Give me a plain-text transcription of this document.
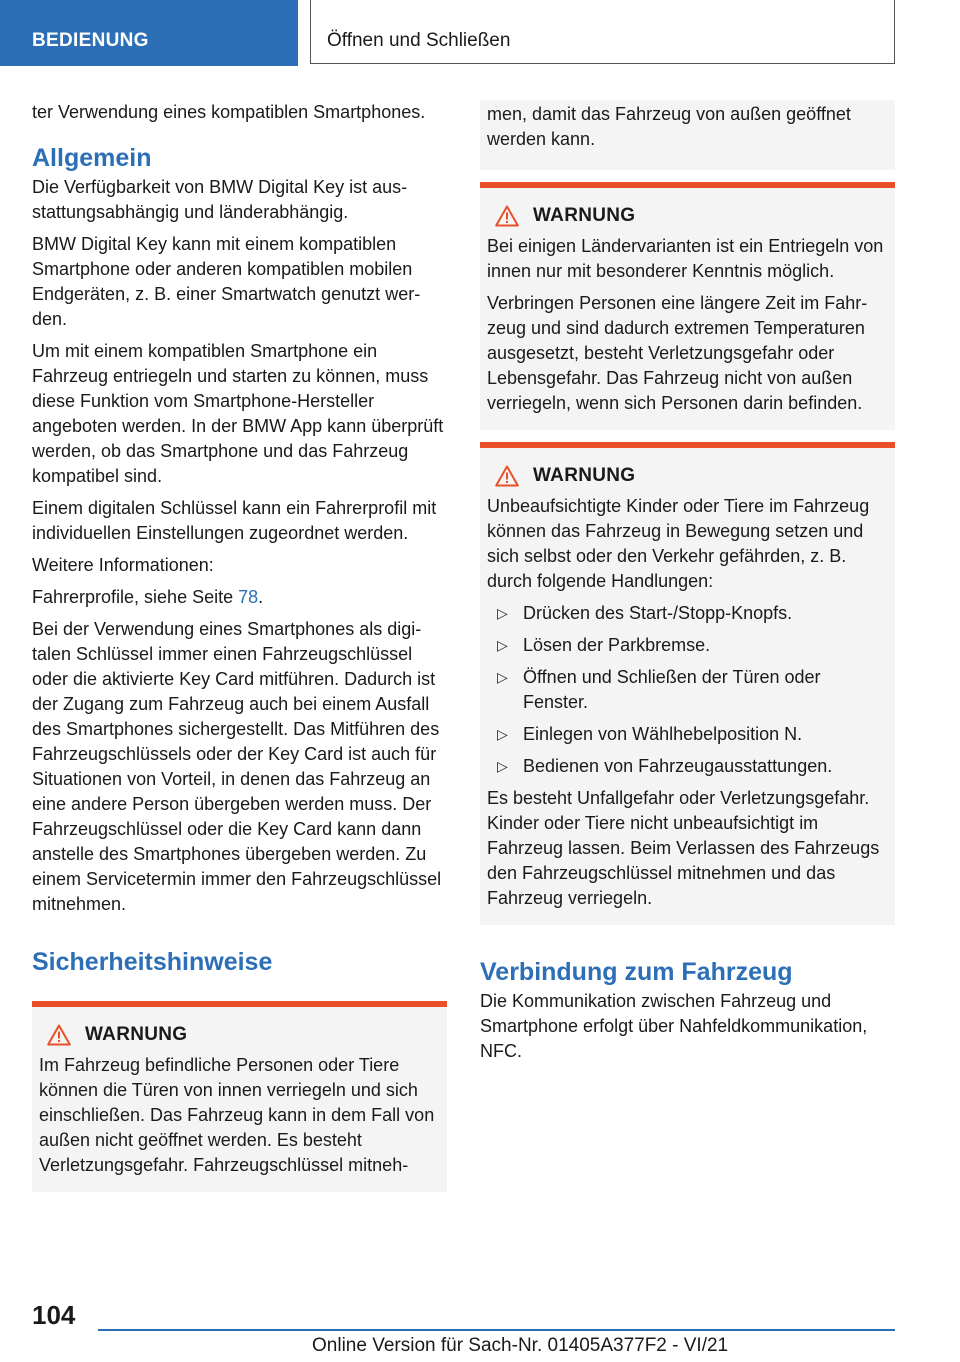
BEDIENUNG	Öffnen und Schließen

ter Verwendung eines kompatiblen Smartphones.

Allgemein

Die Verfügbarkeit von BMW Digital Key ist ausstattungsabhängig und länderabhängig.

BMW Digital Key kann mit einem kompatiblen Smartphone oder anderen kompatiblen mobilen Endgeräten, z. B. einer Smartwatch genutzt werden.

Um mit einem kompatiblen Smartphone ein Fahrzeug entriegeln und starten zu können, muss diese Funktion vom Smartphone-Hersteller angeboten werden. In der BMW App kann überprüft werden, ob das Smartphone und das Fahrzeug kompatibel sind.

Einem digitalen Schlüssel kann ein Fahrerprofil mit individuellen Einstellungen zugeordnet werden.

Weitere Informationen:

Fahrerprofile, siehe Seite 78.

Bei der Verwendung eines Smartphones als digitalen Schlüssel immer einen Fahrzeugschlüssel oder die aktivierte Key Card mitführen. Dadurch ist der Zugang zum Fahrzeug auch bei einem Ausfall des Smartphones sichergestellt. Das Mitführen des Fahrzeugschlüssels oder der Key Card ist auch für Situationen von Vorteil, in denen das Fahrzeug an eine andere Person übergeben werden muss. Der Fahrzeugschlüssel oder die Key Card kann dann anstelle des Smartphones übergeben werden. Zu einem Servicetermin immer den Fahrzeugschlüssel mitnehmen.

Sicherheitshinweise
WARNUNG

Im Fahrzeug befindliche Personen oder Tiere können die Türen von innen verriegeln und sich einschließen. Das Fahrzeug kann in dem Fall von außen nicht geöffnet werden. Es besteht Verletzungsgefahr. Fahrzeugschlüssel mitneh-

men, damit das Fahrzeug von außen geöffnet werden kann.

WARNUNG

Bei einigen Ländervarianten ist ein Entriegeln von innen nur mit besonderer Kenntnis möglich.

Verbringen Personen eine längere Zeit im Fahrzeug und sind dadurch extremen Temperaturen ausgesetzt, besteht Verletzungsgefahr oder Lebensgefahr. Das Fahrzeug nicht von außen verriegeln, wenn sich Personen darin befinden.

WARNUNG

Unbeaufsichtigte Kinder oder Tiere im Fahrzeug können das Fahrzeug in Bewegung setzen und sich selbst oder den Verkehr gefährden, z. B. durch folgende Handlungen:

▷ Drücken des Start-/Stopp-Knopfs.
▷ Lösen der Parkbremse.
▷ Öffnen und Schließen der Türen oder Fenster.
▷ Einlegen von Wählhebelposition N.
▷ Bedienen von Fahrzeugausstattungen.

Es besteht Unfallgefahr oder Verletzungsgefahr. Kinder oder Tiere nicht unbeaufsichtigt im Fahrzeug lassen. Beim Verlassen des Fahrzeugs den Fahrzeugschlüssel mitnehmen und das Fahrzeug verriegeln.

Verbindung zum Fahrzeug

Die Kommunikation zwischen Fahrzeug und Smartphone erfolgt über Nahfeldkommunikation, NFC.

104
Online Version für Sach-Nr. 01405A377F2 - VI/21
